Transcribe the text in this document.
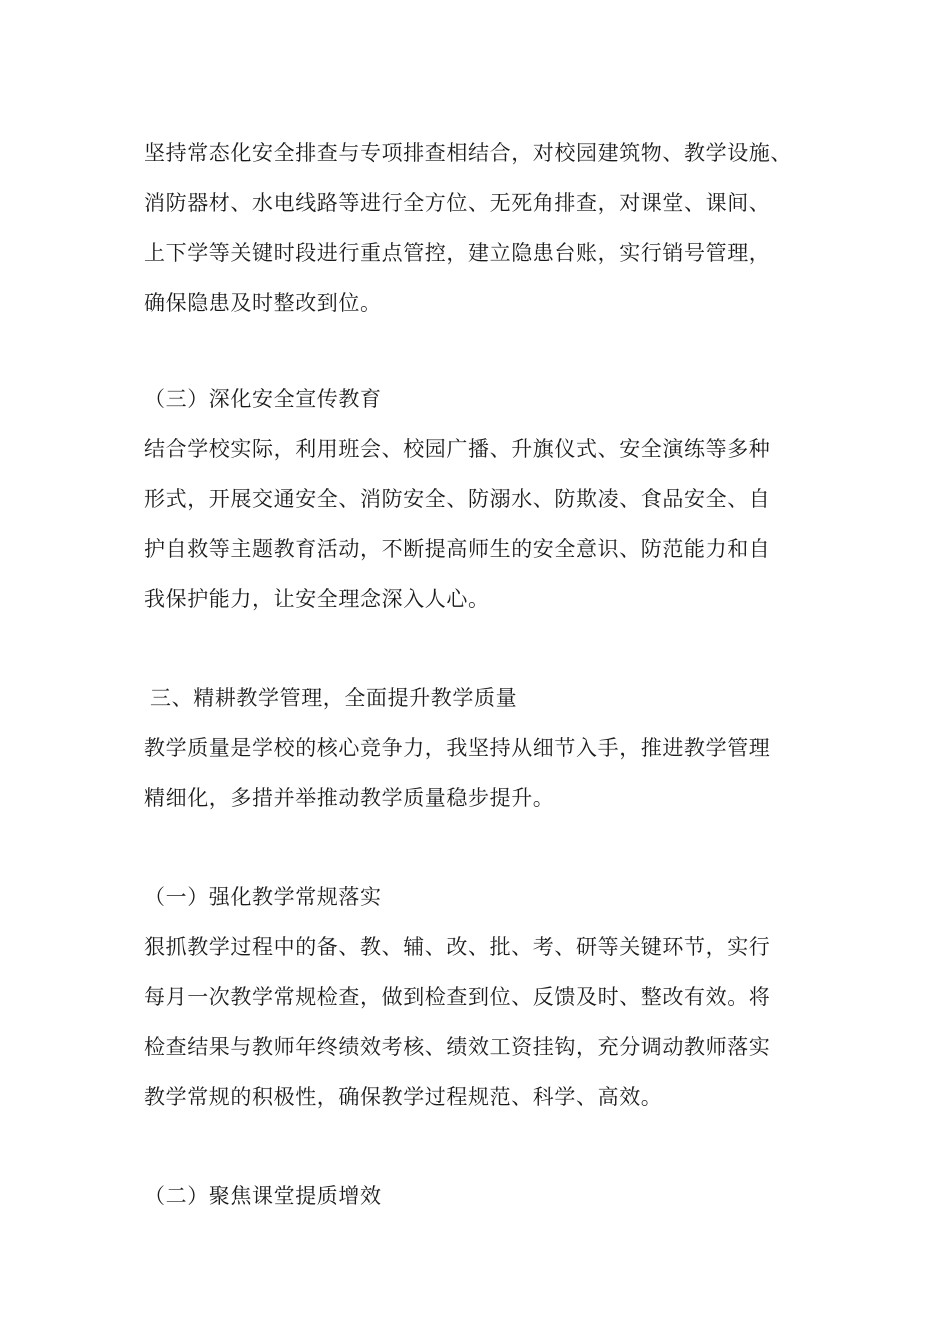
坚持常态化安全排查与专项排查相结合，对校园建筑物、教学设施、
消防器材、水电线路等进行全方位、无死角排查，对课堂、课间、
上下学等关键时段进行重点管控，建立隐患台账，实行销号管理，
确保隐患及时整改到位。
（三）深化安全宣传教育
结合学校实际，利用班会、校园广播、升旗仪式、安全演练等多种
形式，开展交通安全、消防安全、防溺水、防欺凌、食品安全、自
护自救等主题教育活动，不断提高师生的安全意识、防范能力和自
我保护能力，让安全理念深入人心。
三、精耕教学管理，全面提升教学质量
教学质量是学校的核心竞争力，我坚持从细节入手，推进教学管理
精细化，多措并举推动教学质量稳步提升。
（一）强化教学常规落实
狠抓教学过程中的备、教、辅、改、批、考、研等关键环节，实行
每月一次教学常规检查，做到检查到位、反馈及时、整改有效。将
检查结果与教师年终绩效考核、绩效工资挂钩，充分调动教师落实
教学常规的积极性，确保教学过程规范、科学、高效。
（二）聚焦课堂提质增效
